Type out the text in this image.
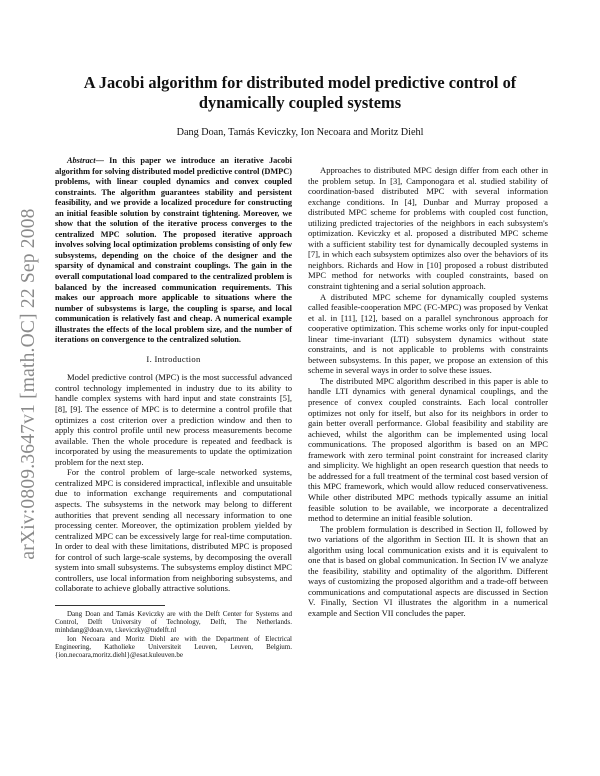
arXiv:0809.3647v1 [math.OC] 22 Sep 2008
A Jacobi algorithm for distributed model predictive control of dynamically coupled systems
Dang Doan, Tamás Keviczky, Ion Necoara and Moritz Diehl

Abstract— In this paper we introduce an iterative Jacobi algorithm for solving distributed model predictive control (DMPC) problems, with linear coupled dynamics and convex coupled constraints. The algorithm guarantees stability and persistent feasibility, and we provide a localized procedure for constructing an initial feasible solution by constraint tightening. Moreover, we show that the solution of the iterative process converges to the centralized MPC solution. The proposed iterative approach involves solving local optimization problems consisting of only few subsystems, depending on the choice of the designer and the sparsity of dynamical and constraint couplings. The gain in the overall computational load compared to the centralized problem is balanced by the increased communication requirements. This makes our approach more applicable to situations where the number of subsystems is large, the coupling is sparse, and local communication is relatively fast and cheap. A numerical example illustrates the effects of the local problem size, and the number of iterations on convergence to the centralized solution.

I. Introduction

Model predictive control (MPC) is the most successful advanced control technology implemented in industry due to its ability to handle complex systems with hard input and state constraints [5], [8], [9]. The essence of MPC is to determine a control profile that optimizes a cost criterion over a prediction window and then to apply this control profile until new process measurements become available. Then the whole procedure is repeated and feedback is incorporated by using the measurements to update the optimization problem for the next step.

For the control problem of large-scale networked systems, centralized MPC is considered impractical, inflexible and unsuitable due to information exchange requirements and computational aspects. The subsystems in the network may belong to different authorities that prevent sending all necessary information to one processing center. Moreover, the optimization problem yielded by centralized MPC can be excessively large for real-time computation. In order to deal with these limitations, distributed MPC is proposed for control of such large-scale systems, by decomposing the overall system into small subsystems. The subsystems employ distinct MPC controllers, use local information from neighboring subsystems, and collaborate to achieve globally attractive solutions.

Dang Doan and Tamás Keviczky are with the Delft Center for Systems and Control, Delft University of Technology, Delft, The Netherlands. minhdang@doan.vn, t.keviczky@tudelft.nl

Ion Necoara and Moritz Diehl are with the Department of Electrical Engineering, Katholieke Universiteit Leuven, Leuven, Belgium. {ion.necoara,moritz.diehl}@esat.kuleuven.be

Approaches to distributed MPC design differ from each other in the problem setup. In [3], Camponogara et al. studied stability of coordination-based distributed MPC with several information exchange conditions. In [4], Dunbar and Murray proposed a distributed MPC scheme for problems with coupled cost function, utilizing predicted trajectories of the neighbors in each subsystem's optimization. Keviczky et al. proposed a distributed MPC scheme with a sufficient stability test for dynamically decoupled systems in [7], in which each subsystem optimizes also over the behaviors of its neighbors. Richards and How in [10] proposed a robust distributed MPC method for networks with coupled constraints, based on constraint tightening and a serial solution approach.

A distributed MPC scheme for dynamically coupled systems called feasible-cooperation MPC (FC-MPC) was proposed by Venkat et al. in [11], [12], based on a parallel synchronous approach for cooperative optimization. This scheme works only for input-coupled linear time-invariant (LTI) subsystem dynamics without state constraints, and is not applicable to problems with constraints between subsystems. In this paper, we propose an extension of this scheme in several ways in order to solve these issues.

The distributed MPC algorithm described in this paper is able to handle LTI dynamics with general dynamical couplings, and the presence of convex coupled constraints. Each local controller optimizes not only for itself, but also for its neighbors in order to gain better overall performance. Global feasibility and stability are achieved, whilst the algorithm can be implemented using local communications. The proposed algorithm is based on an MPC framework with zero terminal point constraint for increased clarity and simplicity. We highlight an open research question that needs to be addressed for a full treatment of the terminal cost based version of this MPC framework, which would allow reduced conservativeness. While other distributed MPC methods typically assume an initial feasible solution to be available, we incorporate a decentralized method to determine an initial feasible solution.

The problem formulation is described in Section II, followed by two variations of the algorithm in Section III. It is shown that an algorithm using local communication exists and it is equivalent to one that is based on global communication. In Section IV we analyze the feasibility, stability and optimality of the algorithm. Different ways of customizing the proposed algorithm and a trade-off between communications and computational aspects are discussed in Section V. Finally, Section VI illustrates the algorithm in a numerical example and Section VII concludes the paper.
